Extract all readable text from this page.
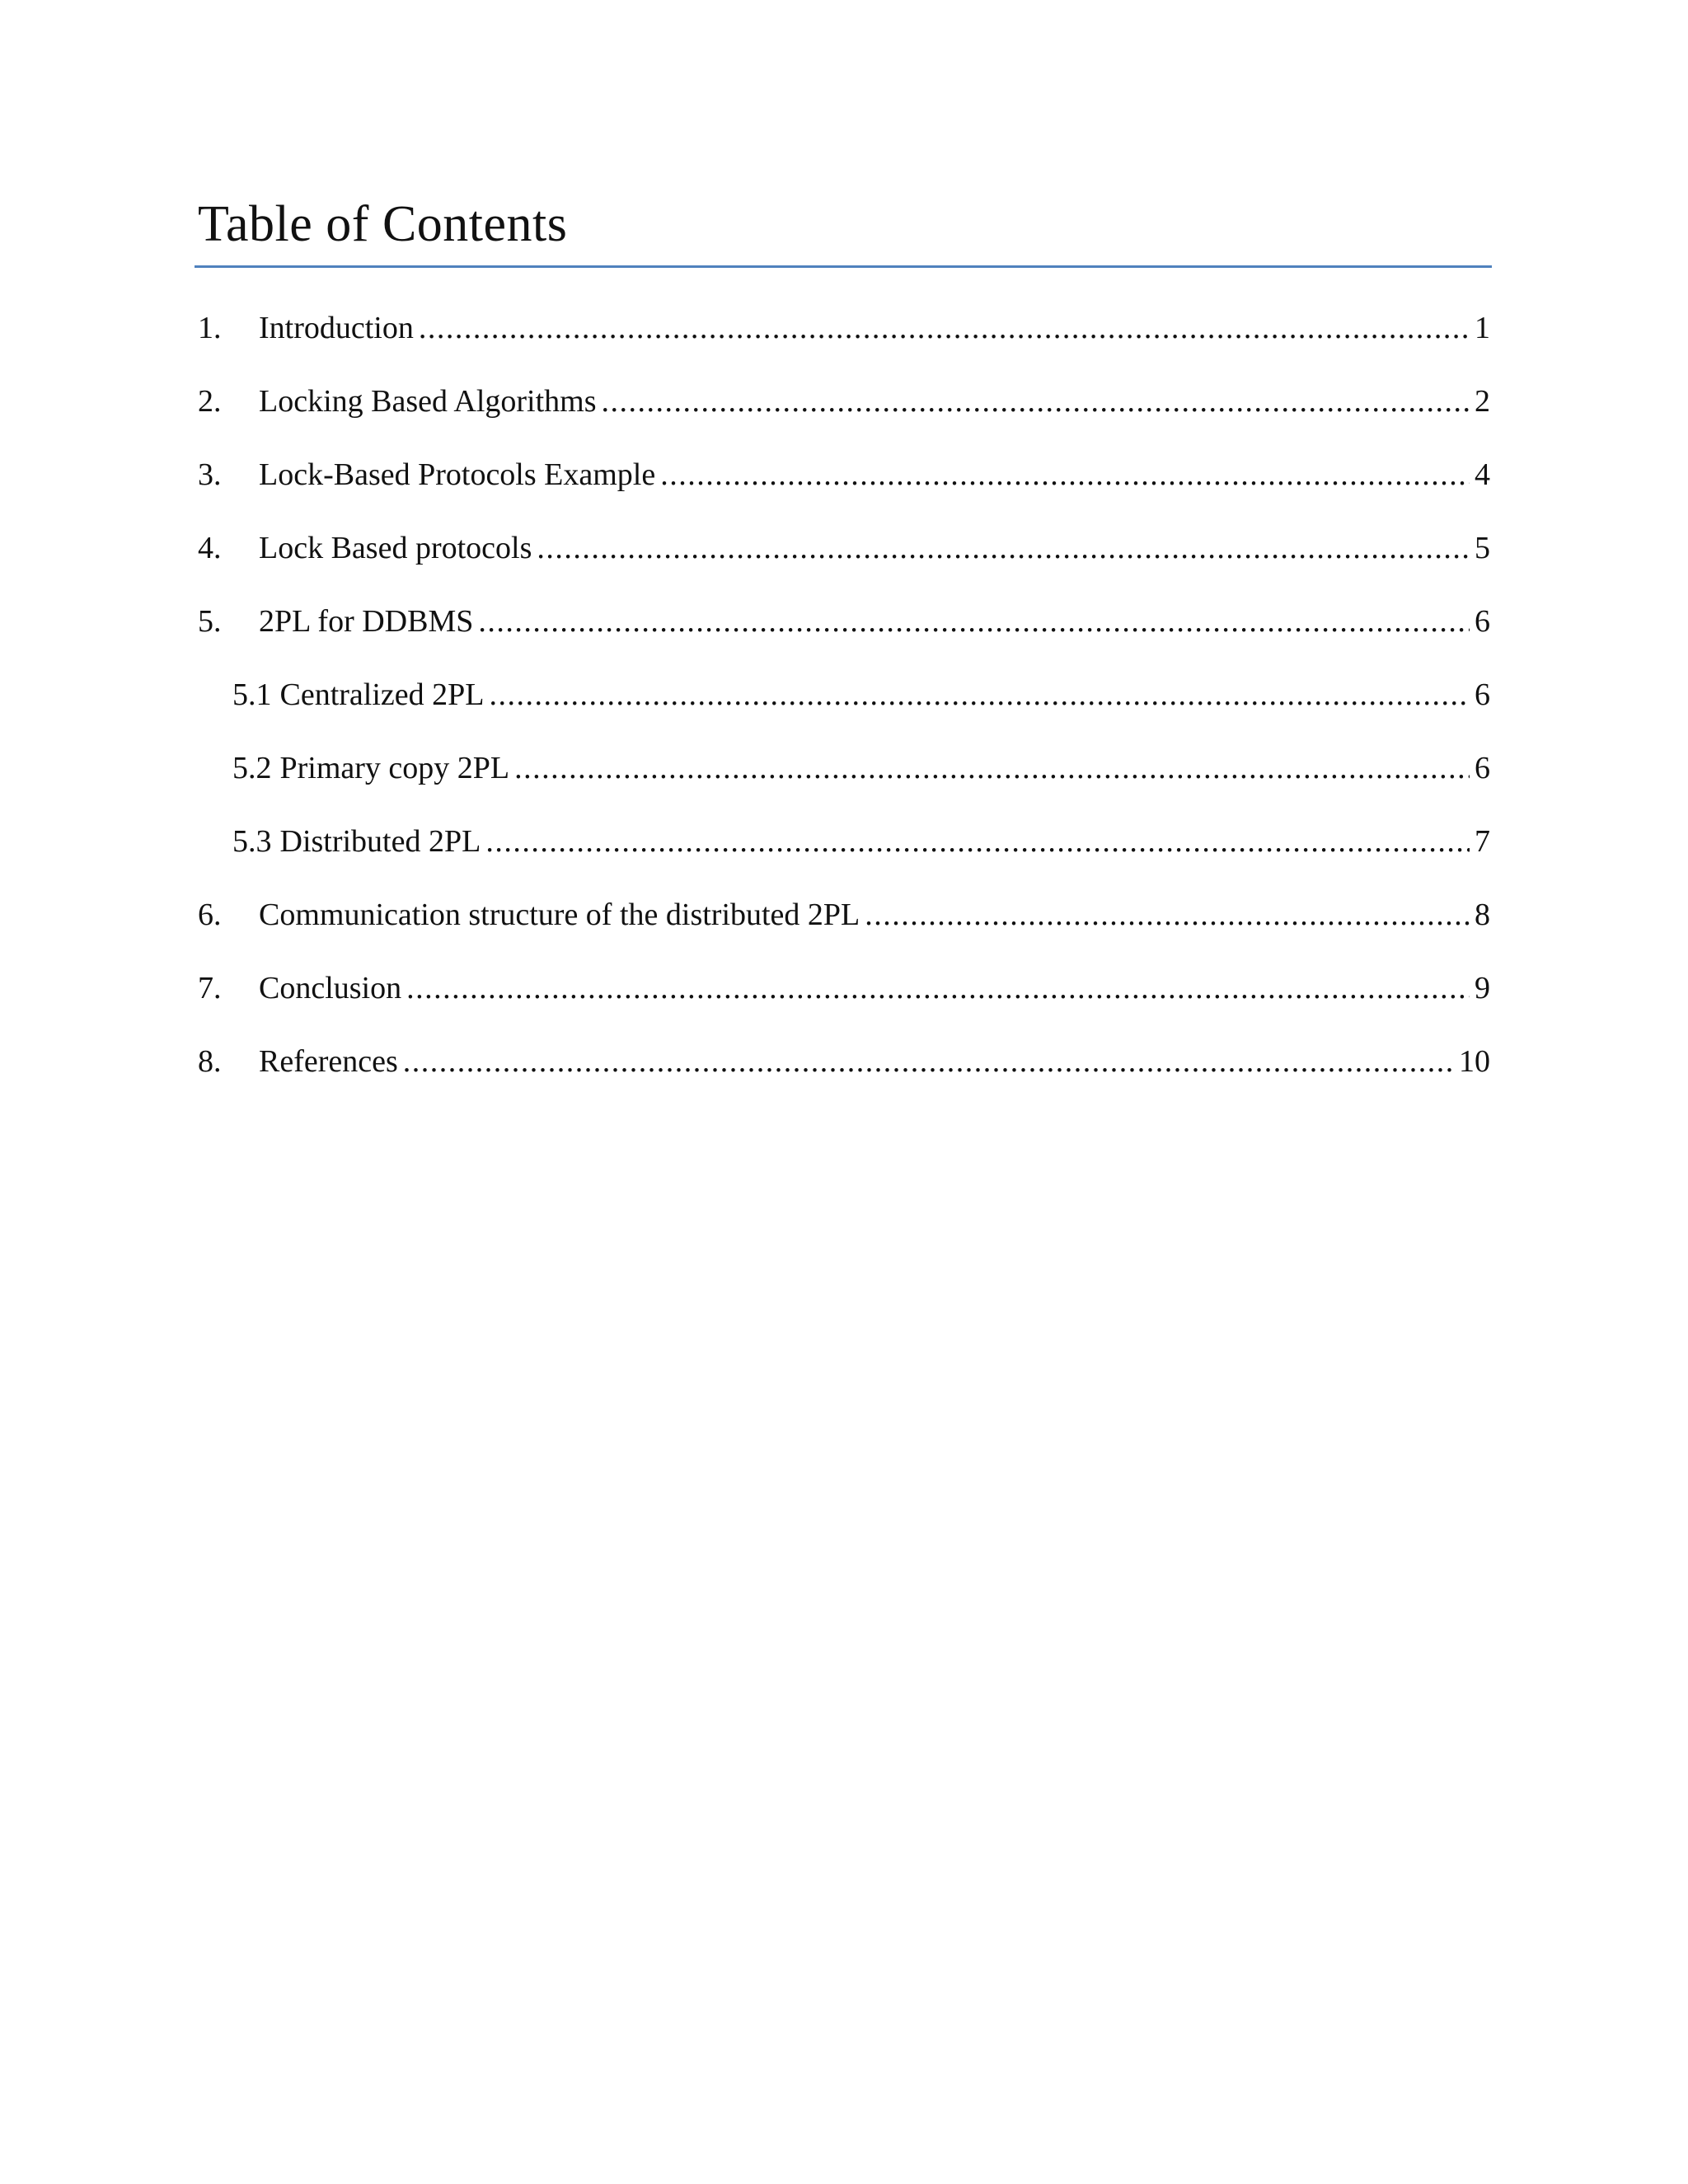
Table of Contents
1.	Introduction .....	1
2.	Locking Based Algorithms .....	2
3.	Lock-Based Protocols Example .....	4
4.	Lock Based protocols .....	5
5.	2PL for DDBMS .....	6
5.1 Centralized 2PL .....	6
5.2 Primary copy 2PL .....	6
5.3 Distributed 2PL .....	7
6.	Communication structure of the distributed 2PL .....	8
7.	Conclusion .....	9
8.	References .....	10
